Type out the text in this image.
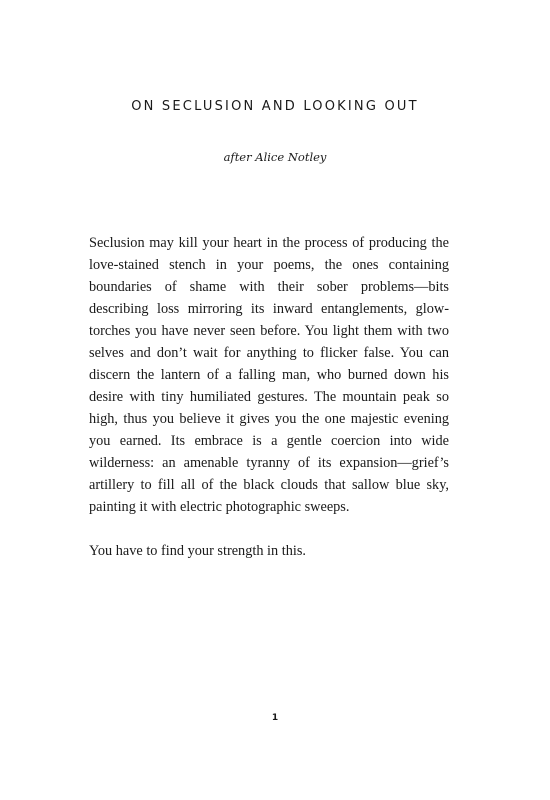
ON SECLUSION AND LOOKING OUT

after Alice Notley

Seclusion may kill your heart in the process of producing the love-stained stench in your poems, the ones containing boundaries of shame with their sober problems—bits describing loss mirroring its inward entanglements, glow-torches you have never seen before. You light them with two selves and don’t wait for anything to flicker false. You can discern the lantern of a falling man, who burned down his desire with tiny humiliated gestures. The mountain peak so high, thus you believe it gives you the one majestic evening you earned. Its embrace is a gentle coercion into wide wilderness: an amenable tyranny of its expansion—grief’s artillery to fill all of the black clouds that sallow blue sky, painting it with electric photographic sweeps.

You have to find your strength in this.

1
